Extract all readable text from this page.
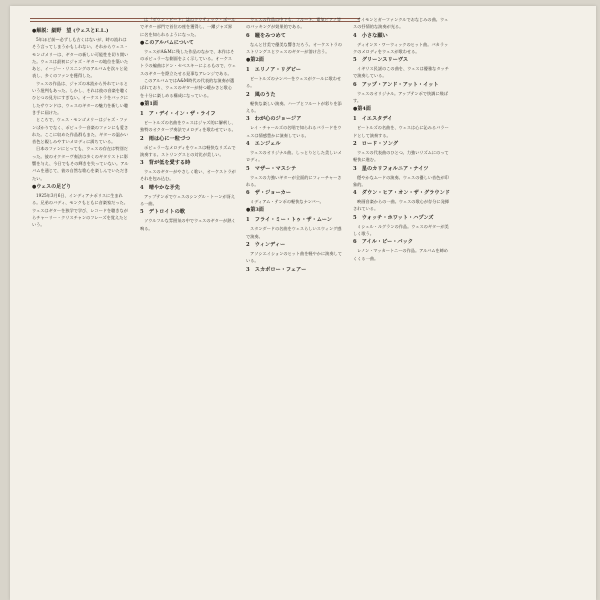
●解説：細野　望 (ウェスとE.L.)

5年ほど前—必ずしも古くはないが、時の流れはそう言ってしまうかもしれない。それからウェス・モンゴメリーは、ギターの新しい可能性を切り開いた。ウェスは最初にジャズ・ギターの地位を築いたあと、イージー・リスニングのアルバムを次々と発表し、多くのファンを獲得した。

ウェスの作品は、ジャズの本流から外れているという批判もあった。しかし、それは彼の音楽を聴くひとつの見方にすぎない。オーケストラをバックにしたサウンドは、ウェスのギターの魅力を新しい聴き手に届けた。

ところで、ウェス・モンゴメリーはジャズ・ファンばかりでなく、ポピュラー音楽のファンにも愛された。ここに収めた作品群もまた、ギターの温かい音色と親しみやすいメロディに満ちている。

日本のファンにとっても、ウェスの存在は特別だった。彼のオクターヴ奏法は多くのギタリストに影響を与え、今日でもその輝きを失っていない。アルバムを通じて、彼の自然な歌心を楽しんでいただきたい。

●ウェスの足どり

1925年3月6日、インディアナポリスに生まれる。兄弟のバディ、モンクもともに音楽家だった。ウェスはギターを独学で学び、レコードを聴きながらチャーリー・クリスチャンのフレーズを覚えたという。

は「ダウン・ビート」誌のクリティック・ポールでギター部門で首位の座を獲得し、一躍ジャズ界に名を知られるようになった。

●このアルバムについて

ウェスがA&Mに残した作品のなかで、本作はそのポピュラーな側面をよく示している。オーケストラの編曲はドン・セベスキーによるもので、ウェスのギターを際立たせる見事なアレンジである。

このアルバムではA&M時代の代表的な演奏が選ばれており、ウェスのギターが持つ暖かさと歌心を十分に楽しめる構成になっている。

●第1面
1　ア・デイ・イン・ザ・ライフ

ビートルズの名曲をウェスはジャズ的に解釈し、独特のオクターヴ奏法でメロディを歌わせている。

2　雨は心に一粒づつ

ポピュラーなメロディをウェスは軽快なリズムで演奏する。ストリングスとの対比が美しい。

3　背が低を愛する時

ウェスのギターがやさしく歌い、オーケストラがそれを包み込む。

4　晴やかな矛先

アップテンポでウェスのシングル・トーンが冴える一曲。

5　デトロイトの歌

ソウルフルな雰囲気の中でウェスのギターが熱く鳴る。

ウェスの作品の中でも、フルート、電気ピアノ等のバッキングが効果的である。

6　瞳をみつめて

なんと甘美で優美な響きだろう。オーケストラのストリングスとウェスのギターが溶け合う。

●第2面
1　エリノア・リグビー

ビートルズのナンバーをウェスがクールに歌わせる。

2　風のうた

軽快な楽しい演奏。ハープとフルートが彩りを添える。

3　わが心のジョージア

レイ・チャールズの名唱で知られるバラードをウェスは情感豊かに演奏している。

4　エンジェル

ウェスのオリジナル曲。しっとりとした美しいメロディ。

5　マザー・マスシテ

ウェスの力強いギターが全面的にフィーチャーされる。

6　ザ・ジョーカー

ミディアム・テンポの軽快なナンバー。

●第3面
1　フライ・ミー・トゥ・ザ・ムーン

スタンダードの名曲をウェスらしいスウィング感で演奏。

2　ウィンディー

アソシエイションのヒット曲を軽やかに演奏している。

3　スカボロー・フェアー

サイモンとガーファンクルでおなじみの曲。ウェスの抒情的な演奏が光る。

4　小さな願い

ディオンヌ・ワーウィックのヒット曲。バカラックのメロディをウェスが歌わせる。

5　グリーンスリーヴス

イギリス民謡のこの曲を、ウェスは優雅なタッチで演奏している。

6　アップ・アンド・アット・イット

ウェスのオリジナル。アップテンポで快調に飛ばす。

●第4面
1　イエスタデイ

ビートルズの名曲を、ウェスは心に沁みるバラードとして演奏する。

2　ロード・ソング

ウェスの代表曲のひとつ。力強いリズムにのって軽快に進む。

3　星のカリフォルニア・ナイツ

穏やかなムードの演奏。ウェスの優しい音色が印象的。

4　ダウン・ヒア・オン・ザ・グラウンド

映画音楽からの一曲。ウェスの歌心が存分に発揮されている。

5　ウォッチ・ホワット・ハプンズ

ミシェル・ルグランの作品。ウェスのギターが美しく歌う。

6　アイル・ビー・バック

レノン・マッカートニーの作品。アルバムを締めくくる一曲。
